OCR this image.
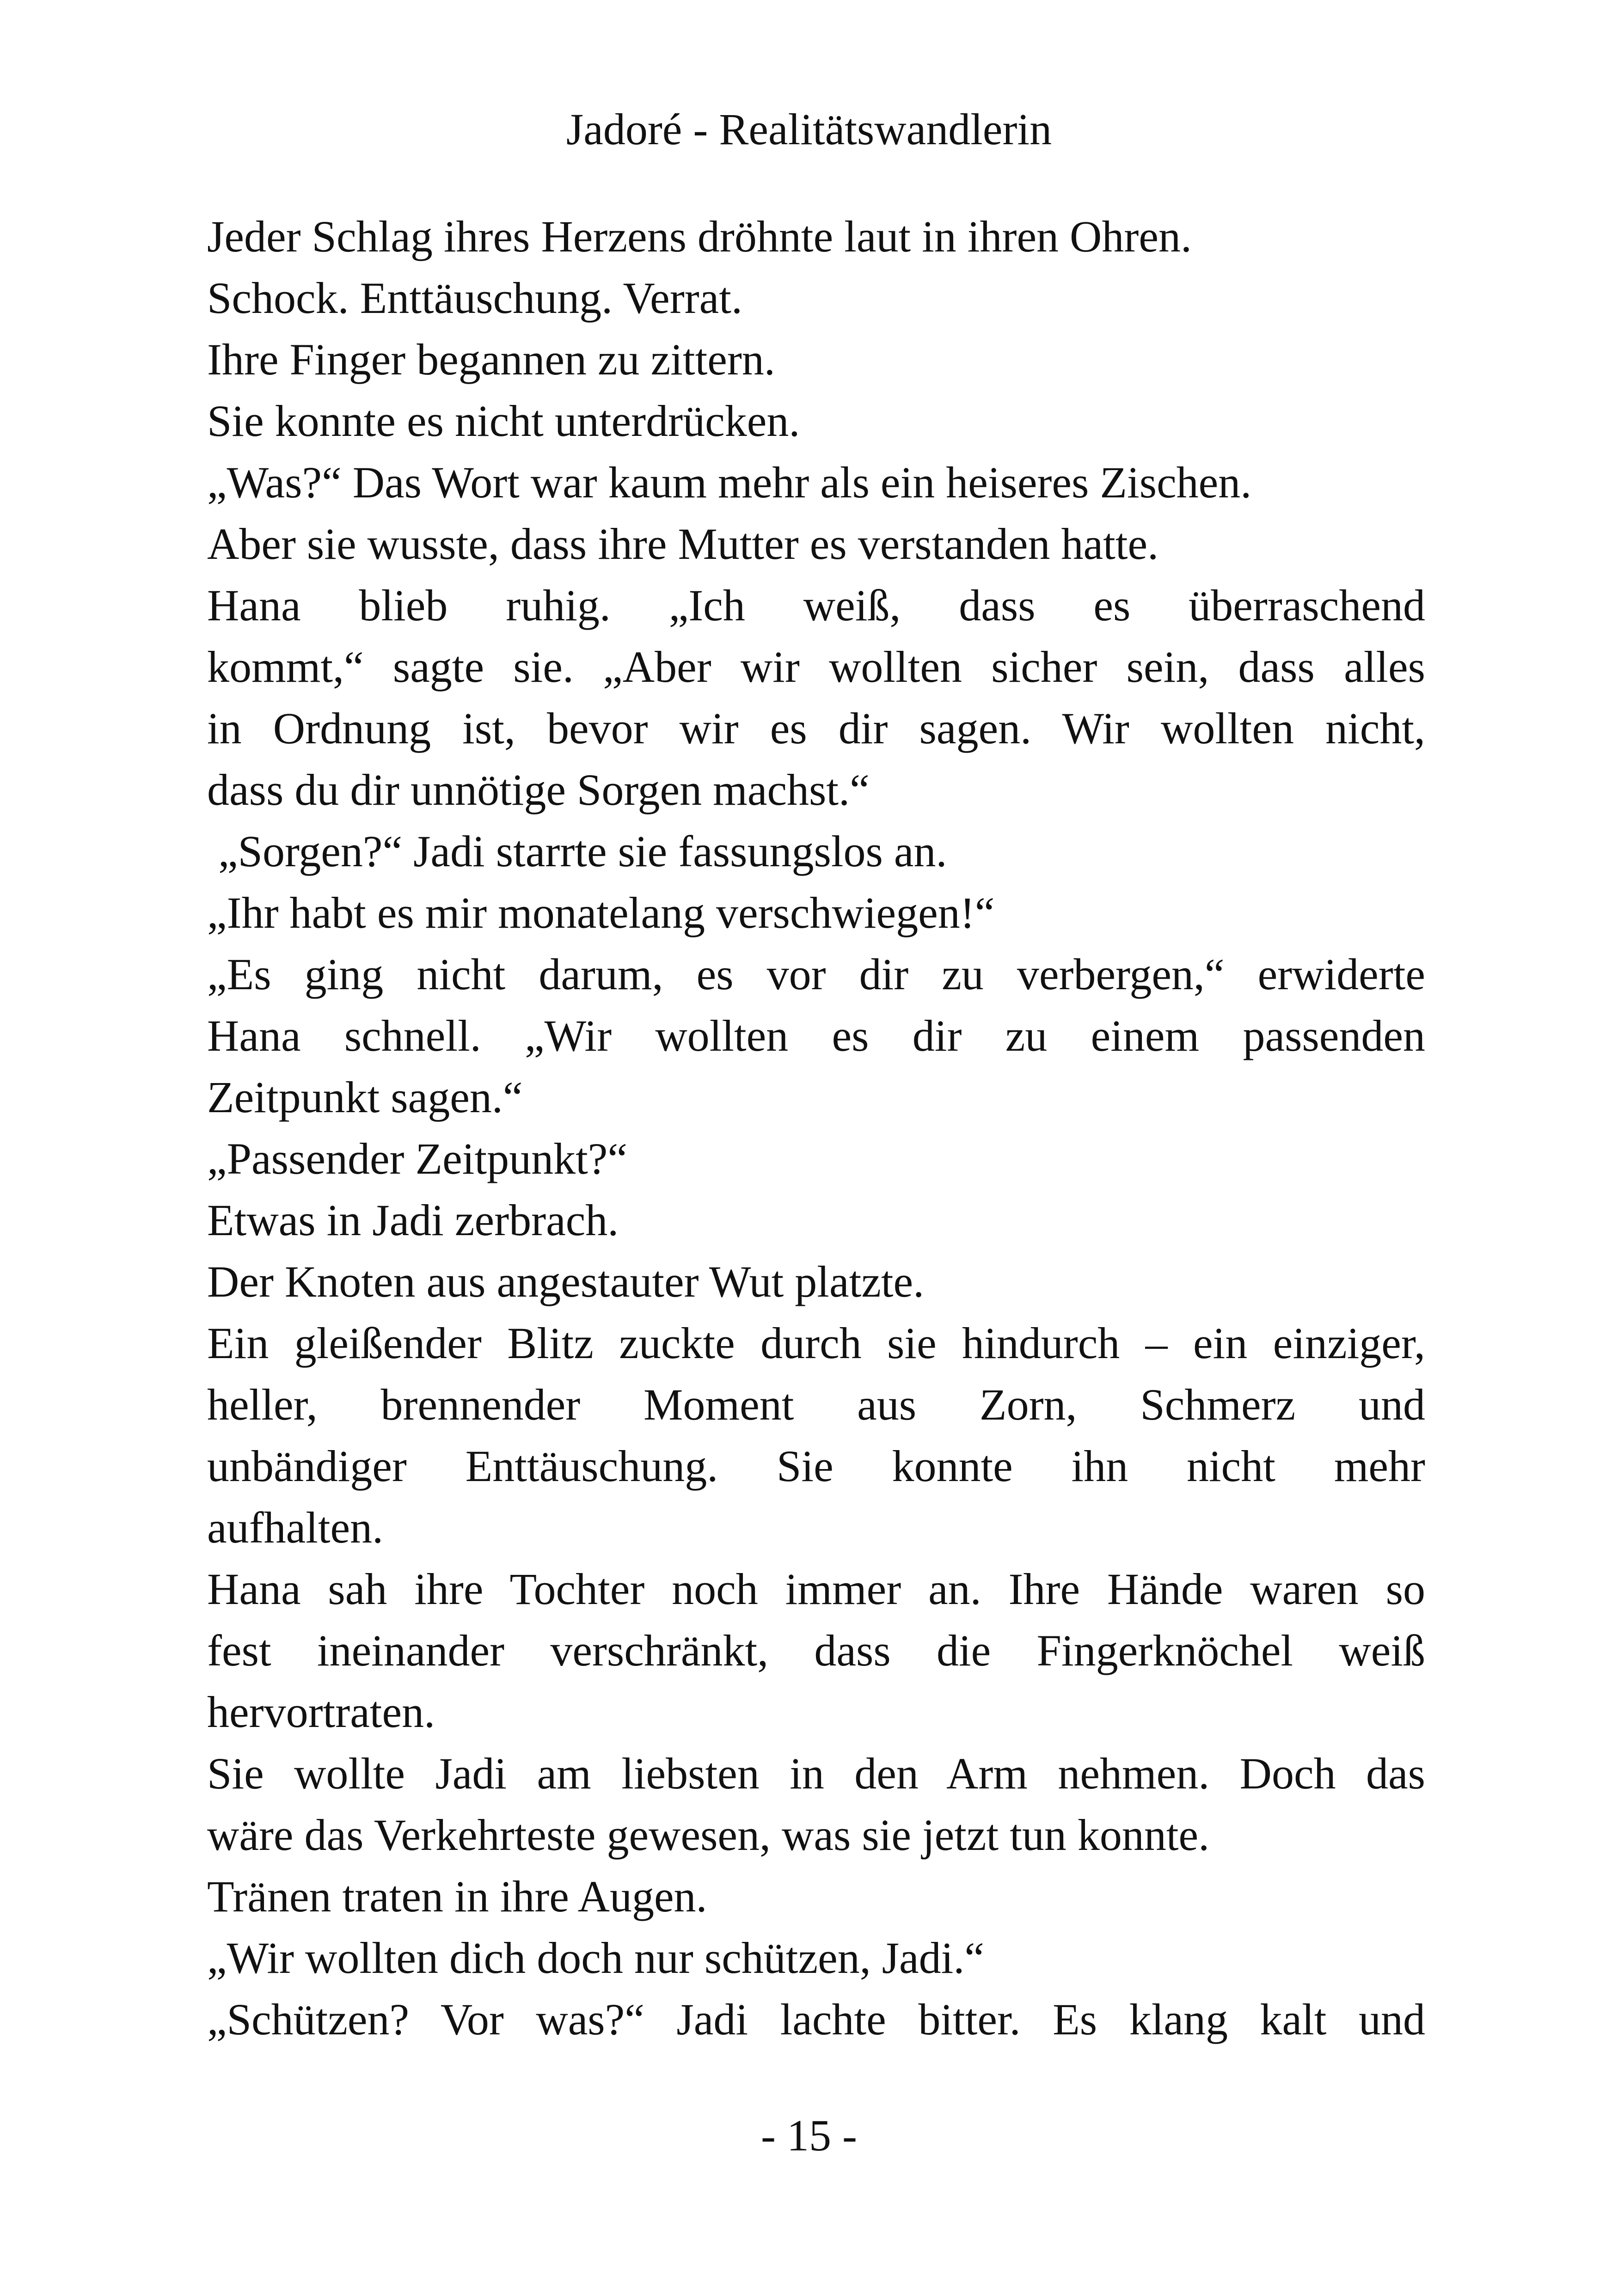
Jadoré - Realitätswandlerin
Jeder Schlag ihres Herzens dröhnte laut in ihren Ohren.
Schock. Enttäuschung. Verrat.
Ihre Finger begannen zu zittern.
Sie konnte es nicht unterdrücken.
„Was?“ Das Wort war kaum mehr als ein heiseres Zischen.
Aber sie wusste, dass ihre Mutter es verstanden hatte.
Hana blieb ruhig. „Ich weiß, dass es überraschend
kommt,“ sagte sie. „Aber wir wollten sicher sein, dass alles
in Ordnung ist, bevor wir es dir sagen. Wir wollten nicht,
dass du dir unnötige Sorgen machst.“
„Sorgen?“ Jadi starrte sie fassungslos an.
„Ihr habt es mir monatelang verschwiegen!“
„Es ging nicht darum, es vor dir zu verbergen,“ erwiderte
Hana schnell. „Wir wollten es dir zu einem passenden
Zeitpunkt sagen.“
„Passender Zeitpunkt?“
Etwas in Jadi zerbrach.
Der Knoten aus angestauter Wut platzte.
Ein gleißender Blitz zuckte durch sie hindurch – ein einziger,
heller, brennender Moment aus Zorn, Schmerz und
unbändiger Enttäuschung. Sie konnte ihn nicht mehr
aufhalten.
Hana sah ihre Tochter noch immer an. Ihre Hände waren so
fest ineinander verschränkt, dass die Fingerknöchel weiß
hervortraten.
Sie wollte Jadi am liebsten in den Arm nehmen. Doch das
wäre das Verkehrteste gewesen, was sie jetzt tun konnte.
Tränen traten in ihre Augen.
„Wir wollten dich doch nur schützen, Jadi.“
„Schützen? Vor was?“ Jadi lachte bitter. Es klang kalt und
- 15 -
